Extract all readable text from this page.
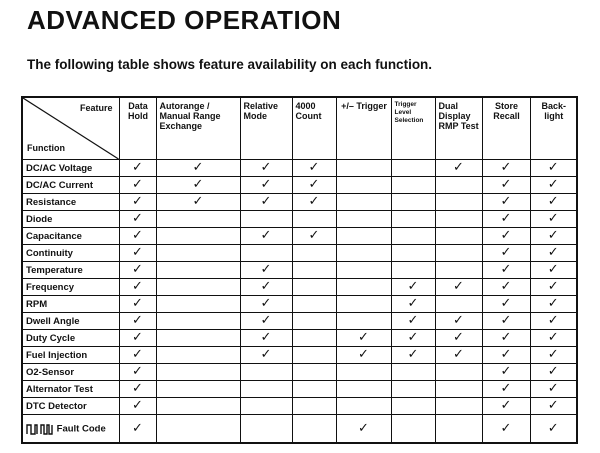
ADVANCED OPERATION

The following table shows feature availability on each function.

Feature
Function	Data Hold	Autorange / Manual Range Exchange	Relative Mode	4000 Count	+/– Trigger	Trigger Level Selection	Dual Display RMP Test	Store Recall	Back-light
DC/AC Voltage	✓	✓	✓	✓			✓	✓	✓
DC/AC Current	✓	✓	✓	✓				✓	✓
Resistance	✓	✓	✓	✓				✓	✓
Diode	✓							✓	✓
Capacitance	✓		✓	✓				✓	✓
Continuity	✓							✓	✓
Temperature	✓		✓					✓	✓
Frequency	✓		✓			✓	✓	✓	✓
RPM	✓		✓			✓		✓	✓
Dwell Angle	✓		✓			✓	✓	✓	✓
Duty Cycle	✓		✓		✓	✓	✓	✓	✓
Fuel Injection	✓		✓		✓	✓	✓	✓	✓
O2-Sensor	✓							✓	✓
Alternator Test	✓							✓	✓
DTC Detector	✓							✓	✓

Fault Code	✓				✓			✓	✓
